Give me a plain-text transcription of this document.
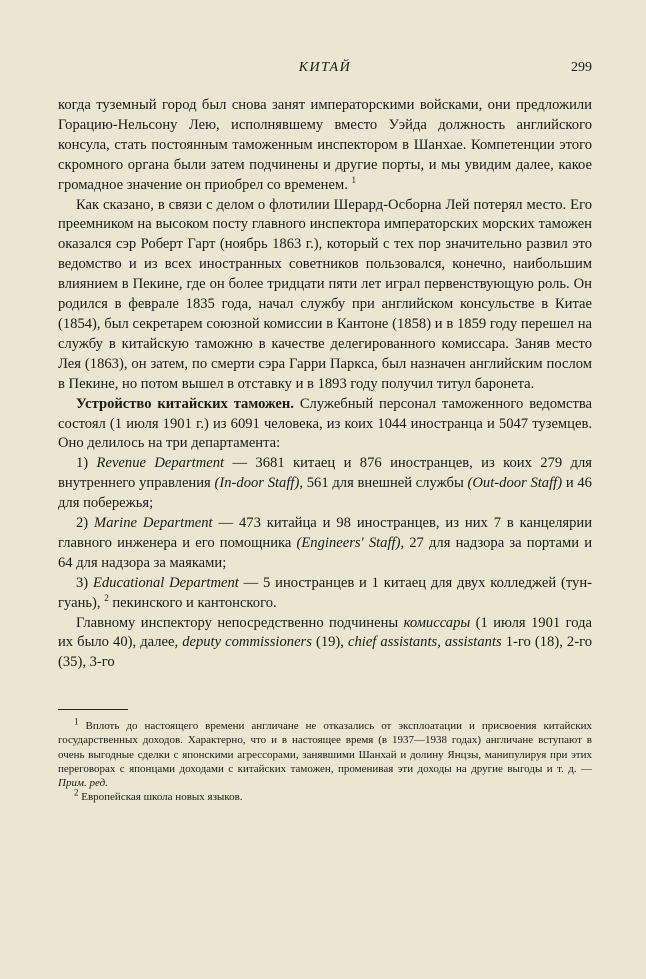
КИТАЙ	299

когда туземный город был снова занят императорскими войсками, они предложили Горацию-Нельсону Лею, исполнявшему вместо Уэйда должность английского консула, стать постоянным таможенным инспектором в Шанхае. Компетенции этого скромного органа были затем подчинены и другие порты, и мы увидим далее, какое громадное значение он приобрел со временем. $^1$

Как сказано, в связи с делом о флотилии Шерард-Осборна Лей потерял место. Его преемником на высоком посту главного инспектора императорских морских таможен оказался сэр Роберт Гарт (ноябрь 1863 г.), который с тех пор значительно развил это ведомство и из всех иностранных советников пользовался, конечно, наибольшим влиянием в Пекине, где он более тридцати пяти лет играл первенствующую роль. Он родился в феврале 1835 года, начал службу при английском консульстве в Китае (1854), был секретарем союзной комиссии в Кантоне (1858) и в 1859 году перешел на службу в китайскую таможню в качестве делегированного комиссара. Заняв место Лея (1863), он затем, по смерти сэра Гарри Паркса, был назначен английским послом в Пекине, но потом вышел в отставку и в 1893 году получил титул баронета.

Устройство китайских таможен. Служебный персонал таможенного ведомства состоял (1 июля 1901 г.) из 6091 человека, из коих 1044 иностранца и 5047 туземцев. Оно делилось на три департамента:

1) Revenue Department — 3681 китаец и 876 иностранцев, из коих 279 для внутреннего управления (In-door Staff), 561 для внешней службы (Out-door Staff) и 46 для побережья;

2) Marine Department — 473 китайца и 98 иностранцев, из них 7 в канцелярии главного инженера и его помощника (Engineers' Staff), 27 для надзора за портами и 64 для надзора за маяками;

3) Educational Department — 5 иностранцев и 1 китаец для двух колледжей (тун-гуань), $^2$ пекинского и кантонского.

Главному инспектору непосредственно подчинены комиссары (1 июля 1901 года их было 40), далее, deputy commissioners (19), chief assistants, assistants 1-го (18), 2-го (35), 3-го

$^1$ Вплоть до настоящего времени англичане не отказались от эксплоатации и присвоения китайских государственных доходов. Характерно, что и в настоящее время (в 1937—1938 годах) англичане вступают в очень выгодные сделки с японскими агрессорами, занявшими Шанхай и долину Янцзы, манипулируя при этих переговорах с японцами доходами с китайских таможен, променивая эти доходы на другие выгоды и т. д. — Прим. ред.

$^2$ Европейская школа новых языков.
